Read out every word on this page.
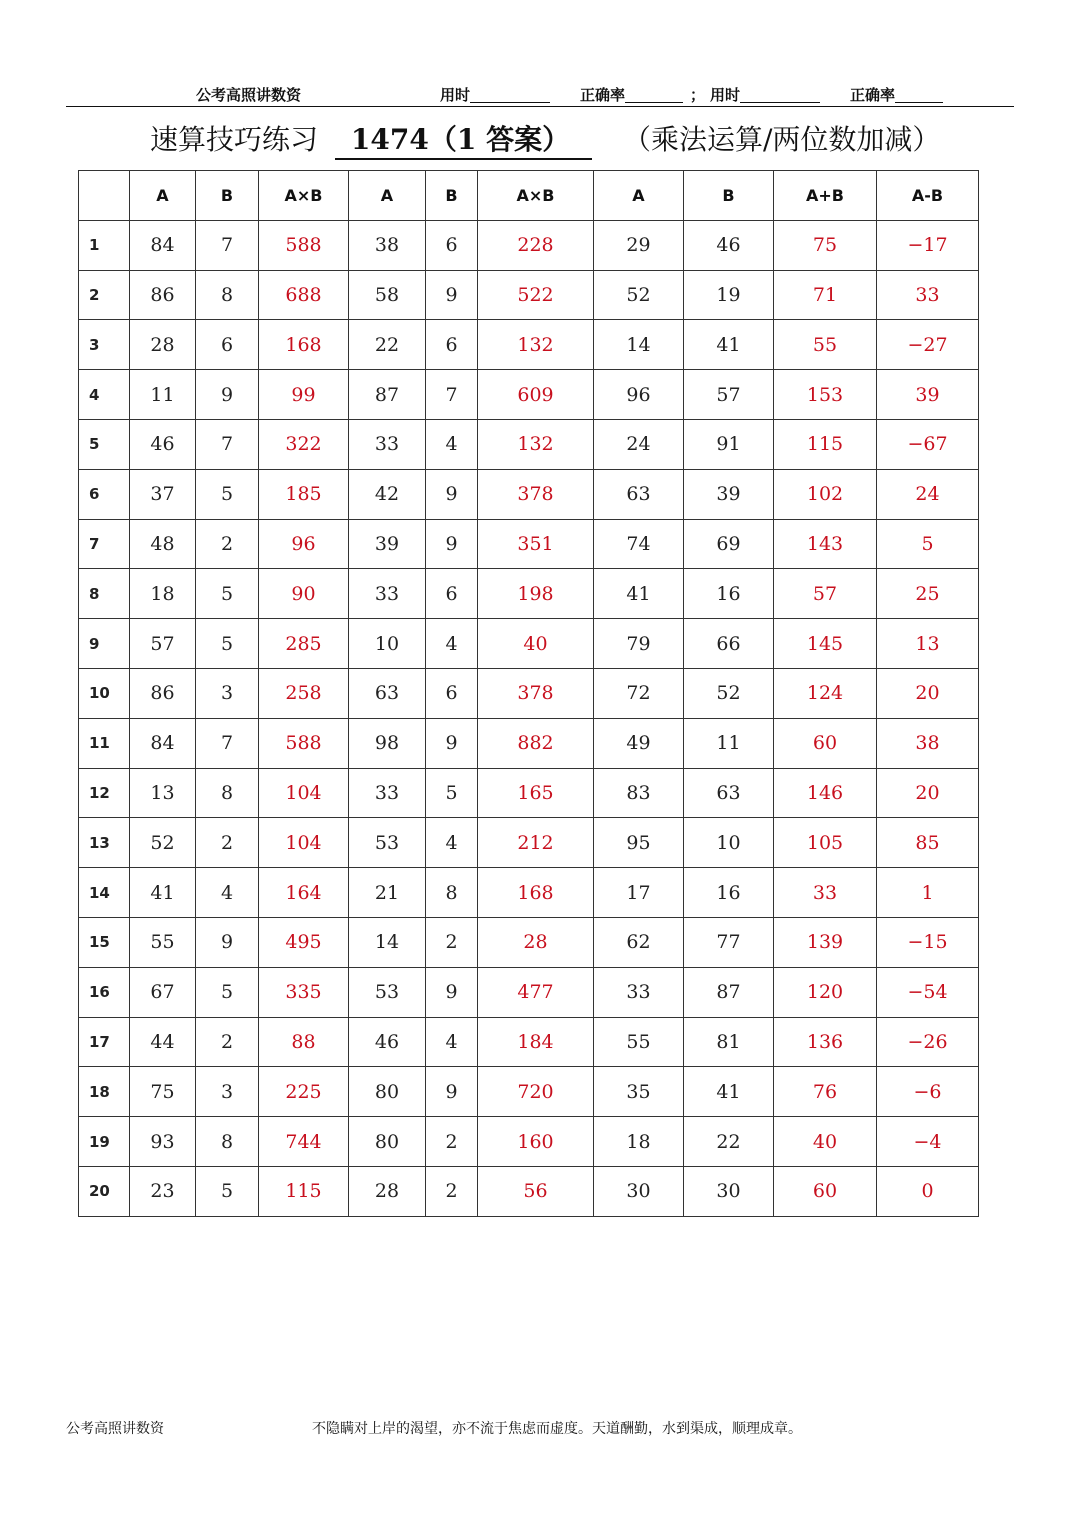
公考高照讲数资	用时	正确率	； 用时	正确率
速算技巧练习 1474（1 答案） （乘法运算/两位数加减）
	A	B	A×B	A	B	A×B	A	B	A+B	A-B
1	84	7	588	38	6	228	29	46	75	−17
2	86	8	688	58	9	522	52	19	71	33
3	28	6	168	22	6	132	14	41	55	−27
4	11	9	99	87	7	609	96	57	153	39
5	46	7	322	33	4	132	24	91	115	−67
6	37	5	185	42	9	378	63	39	102	24
7	48	2	96	39	9	351	74	69	143	5
8	18	5	90	33	6	198	41	16	57	25
9	57	5	285	10	4	40	79	66	145	13
10	86	3	258	63	6	378	72	52	124	20
11	84	7	588	98	9	882	49	11	60	38
12	13	8	104	33	5	165	83	63	146	20
13	52	2	104	53	4	212	95	10	105	85
14	41	4	164	21	8	168	17	16	33	1
15	55	9	495	14	2	28	62	77	139	−15
16	67	5	335	53	9	477	33	87	120	−54
17	44	2	88	46	4	184	55	81	136	−26
18	75	3	225	80	9	720	35	41	76	−6
19	93	8	744	80	2	160	18	22	40	−4
20	23	5	115	28	2	56	30	30	60	0
公考高照讲数资	不隐瞒对上岸的渴望，亦不流于焦虑而虚度。天道酬勤，水到渠成，顺理成章。
